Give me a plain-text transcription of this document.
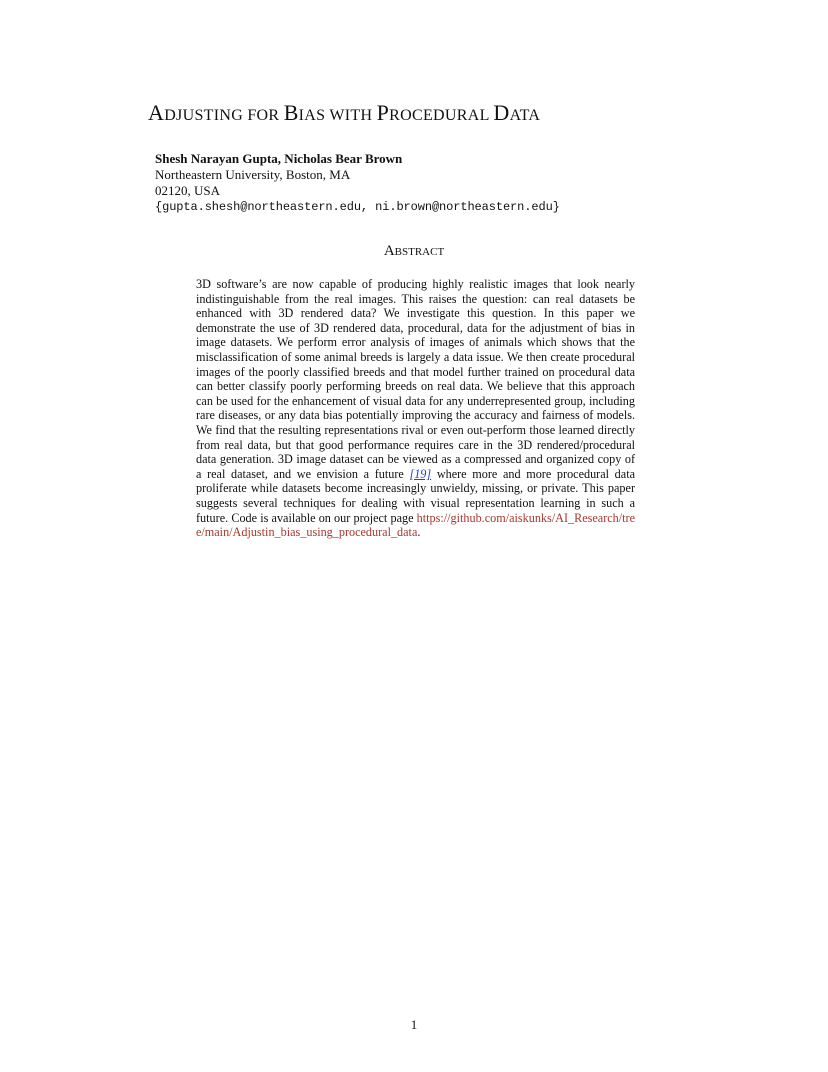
ADJUSTING FOR BIAS WITH PROCEDURAL DATA
Shesh Narayan Gupta, Nicholas Bear Brown
Northeastern University, Boston, MA
02120, USA
{gupta.shesh@northeastern.edu, ni.brown@northeastern.edu}
ABSTRACT

3D software’s are now capable of producing highly realistic images that look nearly indistinguishable from the real images. This raises the question: can real datasets be enhanced with 3D rendered data? We investigate this question. In this paper we demonstrate the use of 3D rendered data, procedural, data for the adjustment of bias in image datasets. We perform error analysis of images of animals which shows that the misclassification of some animal breeds is largely a data issue. We then create procedural images of the poorly classified breeds and that model further trained on procedural data can better classify poorly performing breeds on real data. We believe that this approach can be used for the enhancement of visual data for any underrepresented group, including rare diseases, or any data bias potentially improving the accuracy and fairness of models. We find that the resulting representations rival or even out-perform those learned directly from real data, but that good performance requires care in the 3D rendered/procedural data generation. 3D image dataset can be viewed as a compressed and organized copy of a real dataset, and we envision a future [19] where more and more procedural data proliferate while datasets become increasingly unwieldy, missing, or private. This paper suggests several techniques for dealing with visual representation learning in such a future. Code is available on our project page https://github.com/aiskunks/AI_Research/tree/main/Adjustin_bias_using_procedural_data.

1
